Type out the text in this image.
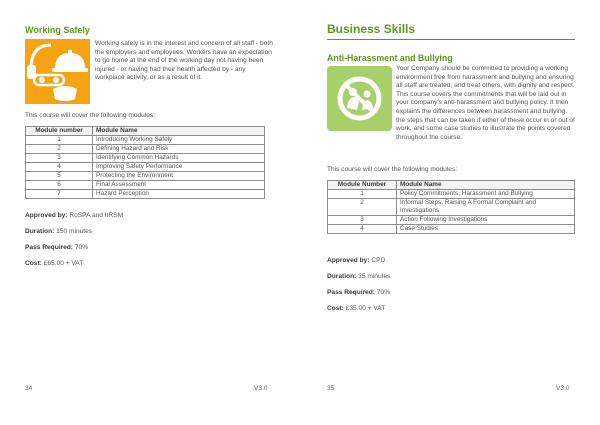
Working Safely
Working safely is in the interest and concern of all staff - both the employers and employees. Workers have an expectation to go home at the end of the working day not having been injured - or having had their health affected by - any workplace activity, or as a result of it.
This course will cover the following modules:
Module number	Module Name
1	Introducing Working Safely
2	Defining Hazard and Risk
3	Identifying Common Hazards
4	Improving Safety Performance
5	Protecting the Environment
6	Final Assessment
7	Hazard Perception
Approved by: RoSPA and IIRSM
Duration: 150 minutes
Pass Required: 70%
Cost: £65.00 + VAT
34	V3.0
Business Skills
Anti-Harassment and Bullying
Your Company should be committed to providing a working environment free from harassment and bullying and ensuring all staff are treated, and treat others, with dignity and respect. This course covers the commitments that will be laid out in your company's anti-harassment and bullying policy. It then explains the differences between harassment and bullying, the steps that can be taken if either of these occur in or out of work, and some case studies to illustrate the points covered throughout the course.
This course will cover the following modules:
Module Number	Module Name
1	Policy Commitments, Harassment and Bullying
2	Informal Steps, Raising A Formal Complaint and Investigations
3	Action Following Investigations
4	Case Studies
Approved by: CPD
Duration: 35 minutes
Pass Required: 70%
Cost: £35.00 + VAT
35	V3.0
